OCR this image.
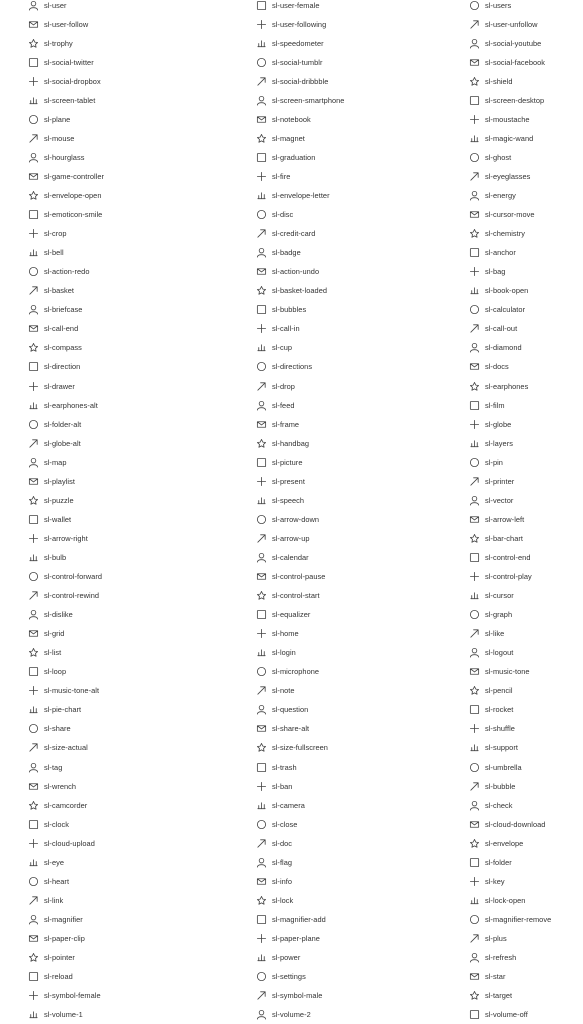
sl-user	sl-user-female	sl-users
sl-user-follow	sl-user-following	sl-user-unfollow
sl-trophy	sl-speedometer	sl-social-youtube
sl-social-twitter	sl-social-tumblr	sl-social-facebook
sl-social-dropbox	sl-social-dribbble	sl-shield
sl-screen-tablet	sl-screen-smartphone	sl-screen-desktop
sl-plane	sl-notebook	sl-moustache
sl-mouse	sl-magnet	sl-magic-wand
sl-hourglass	sl-graduation	sl-ghost
sl-game-controller	sl-fire	sl-eyeglasses
sl-envelope-open	sl-envelope-letter	sl-energy
sl-emoticon-smile	sl-disc	sl-cursor-move
sl-crop	sl-credit-card	sl-chemistry
sl-bell	sl-badge	sl-anchor
sl-action-redo	sl-action-undo	sl-bag
sl-basket	sl-basket-loaded	sl-book-open
sl-briefcase	sl-bubbles	sl-calculator
sl-call-end	sl-call-in	sl-call-out
sl-compass	sl-cup	sl-diamond
sl-direction	sl-directions	sl-docs
sl-drawer	sl-drop	sl-earphones
sl-earphones-alt	sl-feed	sl-film
sl-folder-alt	sl-frame	sl-globe
sl-globe-alt	sl-handbag	sl-layers
sl-map	sl-picture	sl-pin
sl-playlist	sl-present	sl-printer
sl-puzzle	sl-speech	sl-vector
sl-wallet	sl-arrow-down	sl-arrow-left
sl-arrow-right	sl-arrow-up	sl-bar-chart
sl-bulb	sl-calendar	sl-control-end
sl-control-forward	sl-control-pause	sl-control-play
sl-control-rewind	sl-control-start	sl-cursor
sl-dislike	sl-equalizer	sl-graph
sl-grid	sl-home	sl-like
sl-list	sl-login	sl-logout
sl-loop	sl-microphone	sl-music-tone
sl-music-tone-alt	sl-note	sl-pencil
sl-pie-chart	sl-question	sl-rocket
sl-share	sl-share-alt	sl-shuffle
sl-size-actual	sl-size-fullscreen	sl-support
sl-tag	sl-trash	sl-umbrella
sl-wrench	sl-ban	sl-bubble
sl-camcorder	sl-camera	sl-check
sl-clock	sl-close	sl-cloud-download
sl-cloud-upload	sl-doc	sl-envelope
sl-eye	sl-flag	sl-folder
sl-heart	sl-info	sl-key
sl-link	sl-lock	sl-lock-open
sl-magnifier	sl-magnifier-add	sl-magnifier-remove
sl-paper-clip	sl-paper-plane	sl-plus
sl-pointer	sl-power	sl-refresh
sl-reload	sl-settings	sl-star
sl-symbol-female	sl-symbol-male	sl-target
sl-volume-1	sl-volume-2	sl-volume-off
